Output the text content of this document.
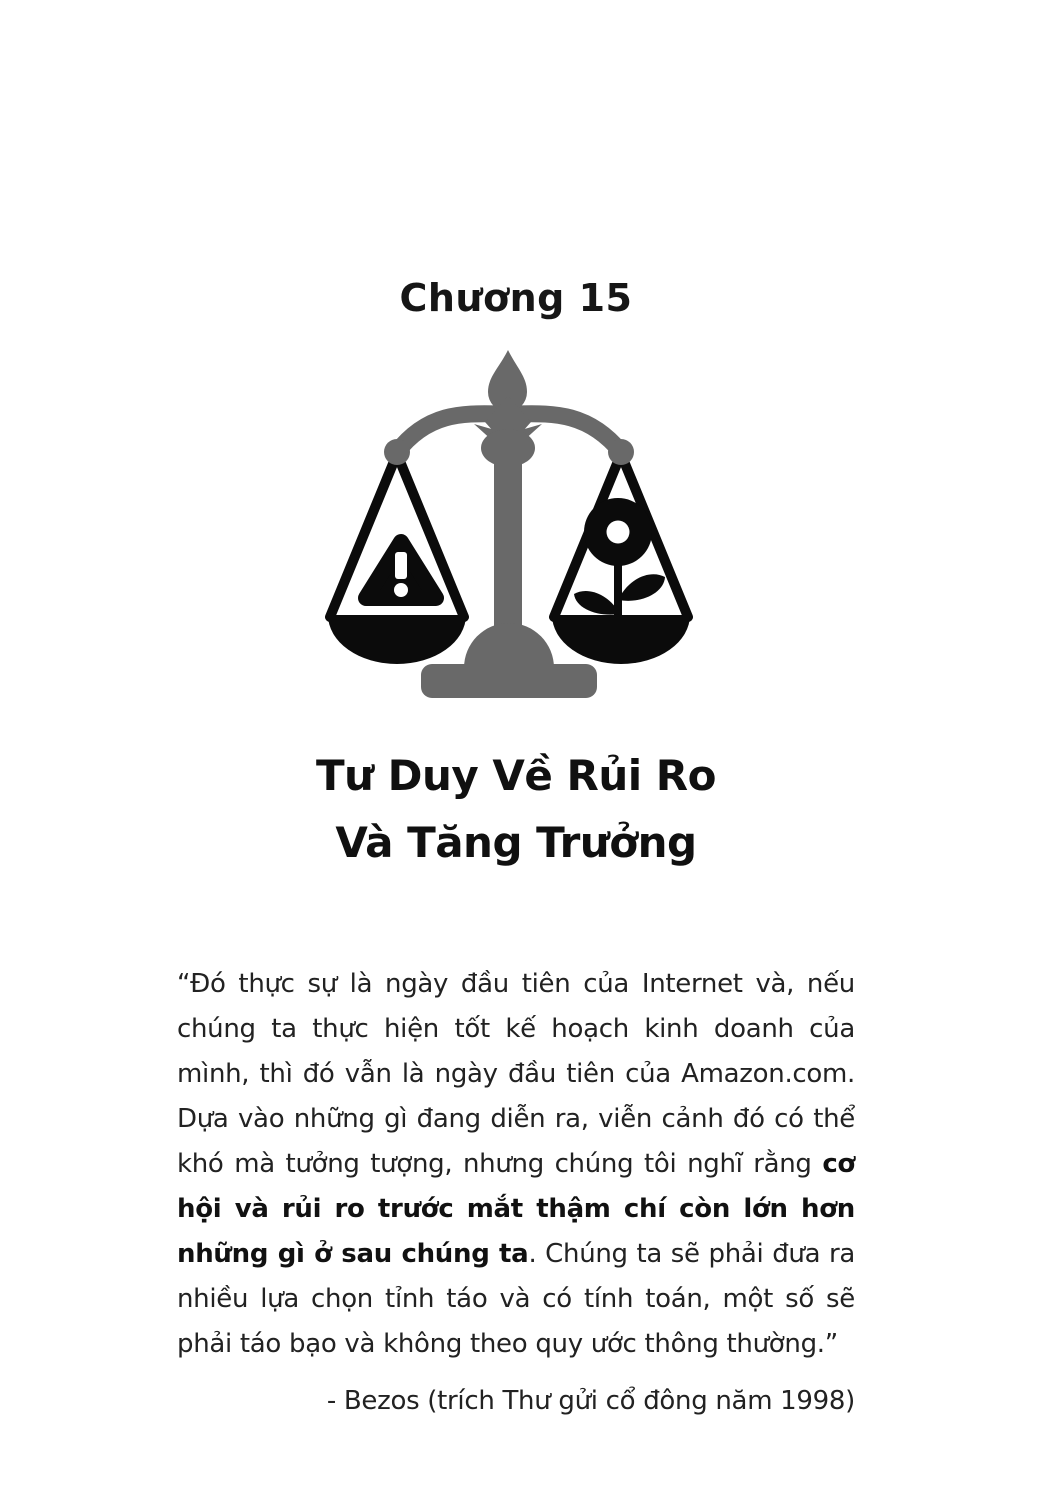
Chương 15
Tư Duy Về Rủi Ro
Và Tăng Trưởng

“Đó thực sự là ngày đầu tiên của Internet và, nếu chúng ta thực hiện tốt kế hoạch kinh doanh của mình, thì đó vẫn là ngày đầu tiên của Amazon.com. Dựa vào những gì đang diễn ra, viễn cảnh đó có thể khó mà tưởng tượng, nhưng chúng tôi nghĩ rằng cơ hội và rủi ro trước mắt thậm chí còn lớn hơn những gì ở sau chúng ta. Chúng ta sẽ phải đưa ra nhiều lựa chọn tỉnh táo và có tính toán, một số sẽ phải táo bạo và không theo quy ước thông thường.”

- Bezos (trích Thư gửi cổ đông năm 1998)
